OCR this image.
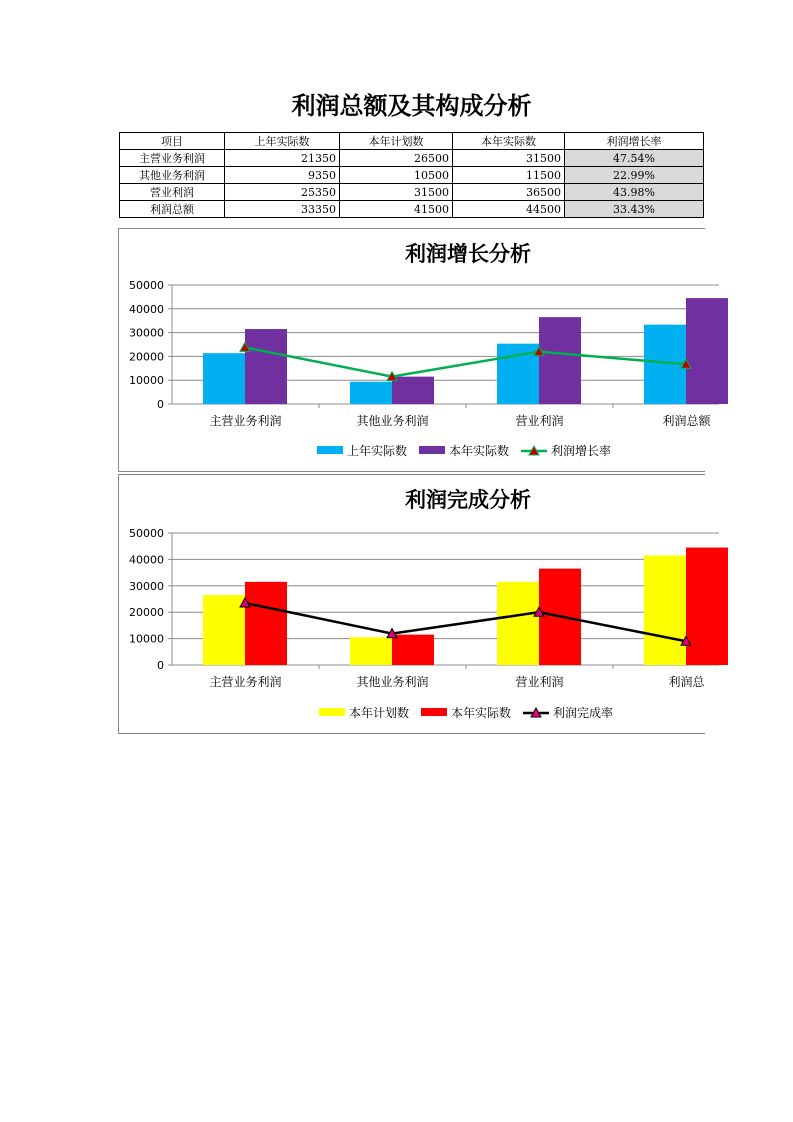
利润总额及其构成分析
项目	上年实际数	本年计划数	本年实际数	利润增长率
主营业务利润	21350	26500	31500	47.54%
其他业务利润	9350	10500	11500	22.99%
营业利润	25350	31500	36500	43.98%
利润总额	33350	41500	44500	33.43%
利润增长分析
0
10000
20000
30000
40000
50000
主营业务利润	其他业务利润	营业利润	利润总额
上年实际数	本年实际数	利润增长率
利润完成分析
0
10000
20000
30000
40000
50000
主营业务利润	其他业务利润	营业利润	利润总
本年计划数	本年实际数	利润完成率
